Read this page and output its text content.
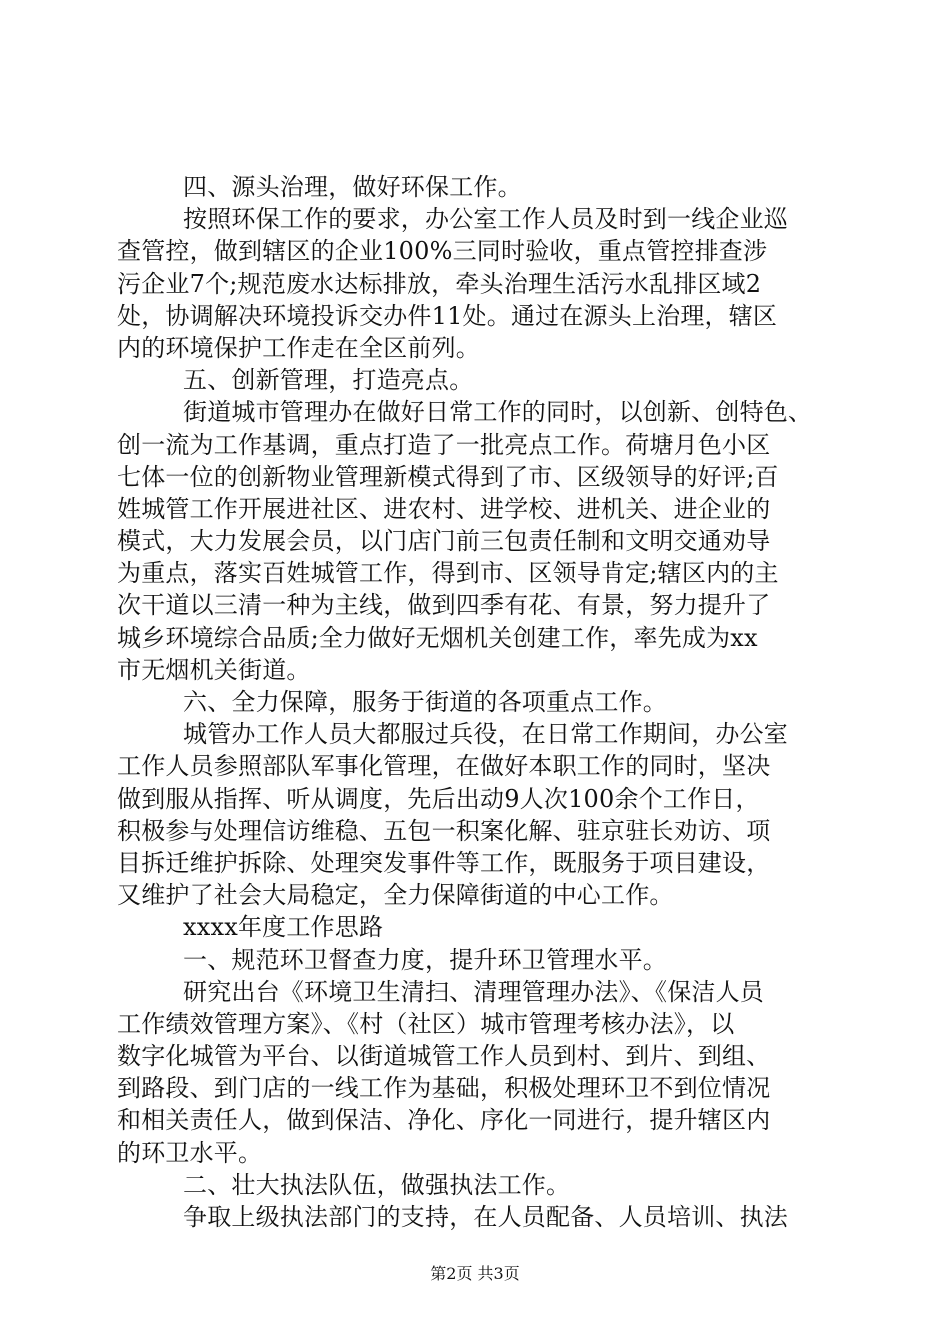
四、源头治理，做好环保工作。
按照环保工作的要求，办公室工作人员及时到一线企业巡
查管控，做到辖区的企业100%三同时验收，重点管控排查涉
污企业7个;规范废水达标排放，牵头治理生活污水乱排区域2
处，协调解决环境投诉交办件11处。通过在源头上治理，辖区
内的环境保护工作走在全区前列。
五、创新管理，打造亮点。
街道城市管理办在做好日常工作的同时，以创新、创特色、
创一流为工作基调，重点打造了一批亮点工作。荷塘月色小区
七体一位的创新物业管理新模式得到了市、区级领导的好评;百
姓城管工作开展进社区、进农村、进学校、进机关、进企业的
模式，大力发展会员，以门店门前三包责任制和文明交通劝导
为重点，落实百姓城管工作，得到市、区领导肯定;辖区内的主
次干道以三清一种为主线，做到四季有花、有景，努力提升了
城乡环境综合品质;全力做好无烟机关创建工作，率先成为xx
市无烟机关街道。
六、全力保障，服务于街道的各项重点工作。
城管办工作人员大都服过兵役，在日常工作期间，办公室
工作人员参照部队军事化管理，在做好本职工作的同时，坚决
做到服从指挥、听从调度，先后出动9人次100余个工作日，
积极参与处理信访维稳、五包一积案化解、驻京驻长劝访、项
目拆迁维护拆除、处理突发事件等工作，既服务于项目建设，
又维护了社会大局稳定，全力保障街道的中心工作。
xxxx年度工作思路
一、规范环卫督查力度，提升环卫管理水平。
研究出台《环境卫生清扫、清理管理办法》、《保洁人员
工作绩效管理方案》、《村（社区）城市管理考核办法》，以
数字化城管为平台、以街道城管工作人员到村、到片、到组、
到路段、到门店的一线工作为基础，积极处理环卫不到位情况
和相关责任人，做到保洁、净化、序化一同进行，提升辖区内
的环卫水平。
二、壮大执法队伍，做强执法工作。
争取上级执法部门的支持，在人员配备、人员培训、执法
第2页 共3页
